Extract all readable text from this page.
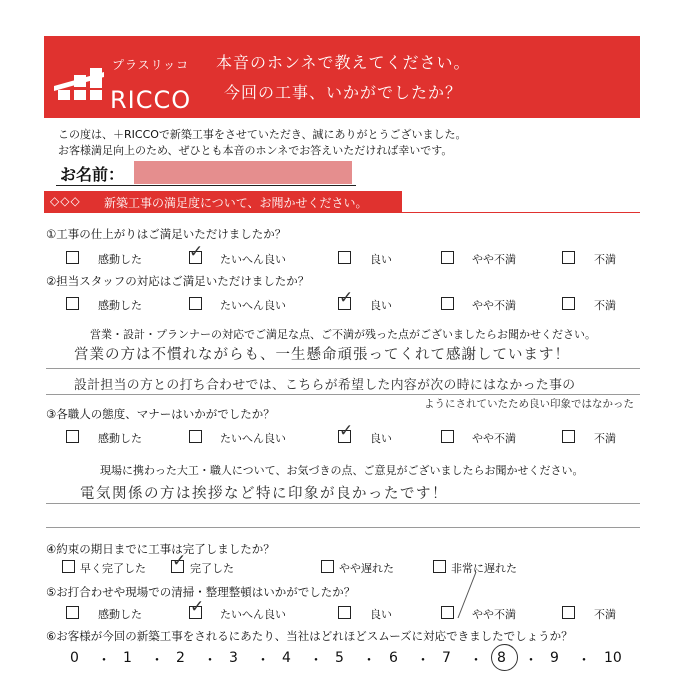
プラスリッコ
RICCO
本音のホンネで教えてください。
今回の工事、いかがでしたか？
この度は、＋RICCOで新築工事をさせていただき、誠にありがとうございました。
お客様満足向上のため、ぜひとも本音のホンネでお答えいただければ幸いです。
お名前：
◇◇◇ 新築工事の満足度について、お聞かせください。
①工事の仕上がりはご満足いただけましたか？
感動した	✓ たいへん良い	良い	やや不満	不満
②担当スタッフの対応はご満足いただけましたか？
感動した	たいへん良い	✓ 良い	やや不満	不満
営業・設計・プランナーの対応でご満足な点、ご不満が残った点がございましたらお聞かせください。
営業の方は不慣れながらも、一生懸命頑張ってくれて感謝しています！
設計担当の方との打ち合わせでは、こちらが希望した内容が次の時にはなかった事の
ようにされていたため良い印象ではなかった
③各職人の態度、マナーはいかがでしたか？
感動した	たいへん良い	✓ 良い	やや不満	不満
現場に携わった大工・職人について、お気づきの点、ご意見がございましたらお聞かせください。
電気関係の方は挨拶など特に印象が良かったです！
④約束の期日までに工事は完了しましたか？
早く完了した ✓ 完了した	やや遅れた	非常に遅れた
⑤お打合わせや現場での清掃・整理整頓はいかがでしたか？
感動した	✓ たいへん良い	良い	やや不満	不満
⑥お客様が今回の新築工事をされるにあたり、当社はどれほどスムーズに対応できましたでしょうか？
0 ・ 1 ・ 2 ・ 3 ・ 4 ・ 5 ・ 6 ・ 7 ・ 8 ・ 9 ・ 10
